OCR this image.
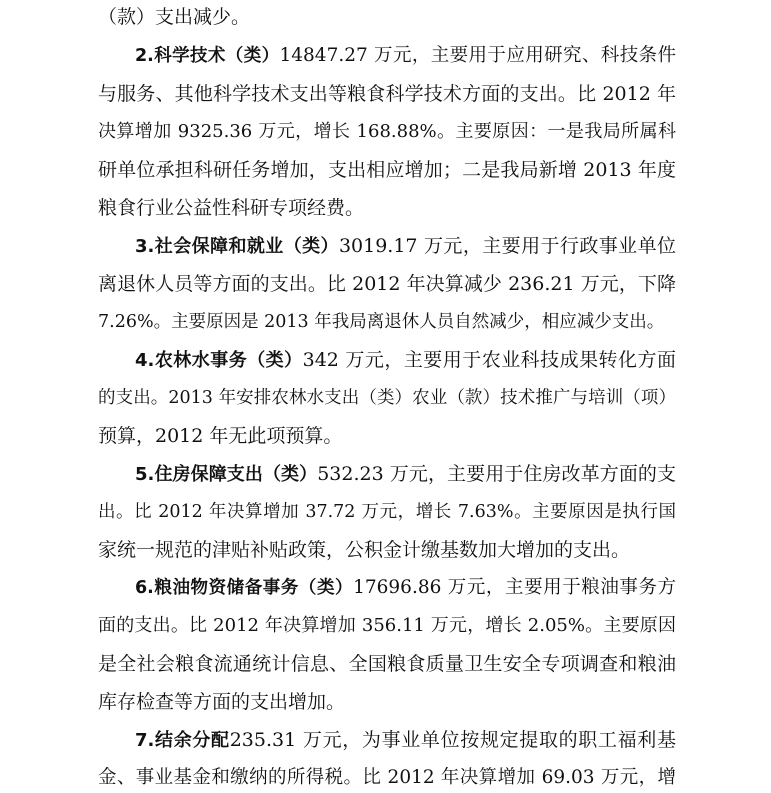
（款）支出减少。
2.科学技术（类）14847.27 万元，主要用于应用研究、科技条件
与服务、其他科学技术支出等粮食科学技术方面的支出。比 2012 年
决算增加 9325.36 万元，增长 168.88%。主要原因：一是我局所属科
研单位承担科研任务增加，支出相应增加；二是我局新增 2013 年度
粮食行业公益性科研专项经费。
3.社会保障和就业（类）3019.17 万元，主要用于行政事业单位
离退休人员等方面的支出。比 2012 年决算减少 236.21 万元，下降
7.26%。主要原因是 2013 年我局离退休人员自然减少，相应减少支出。
4.农林水事务（类）342 万元，主要用于农业科技成果转化方面
的支出。2013 年安排农林水支出（类）农业（款）技术推广与培训（项）
预算，2012 年无此项预算。
5.住房保障支出（类）532.23 万元，主要用于住房改革方面的支
出。比 2012 年决算增加 37.72 万元，增长 7.63%。主要原因是执行国
家统一规范的津贴补贴政策，公积金计缴基数加大增加的支出。
6.粮油物资储备事务（类）17696.86 万元，主要用于粮油事务方
面的支出。比 2012 年决算增加 356.11 万元，增长 2.05%。主要原因
是全社会粮食流通统计信息、全国粮食质量卫生安全专项调查和粮油
库存检查等方面的支出增加。
7.结余分配235.31 万元，为事业单位按规定提取的职工福利基
金、事业基金和缴纳的所得税。比 2012 年决算增加 69.03 万元，增
